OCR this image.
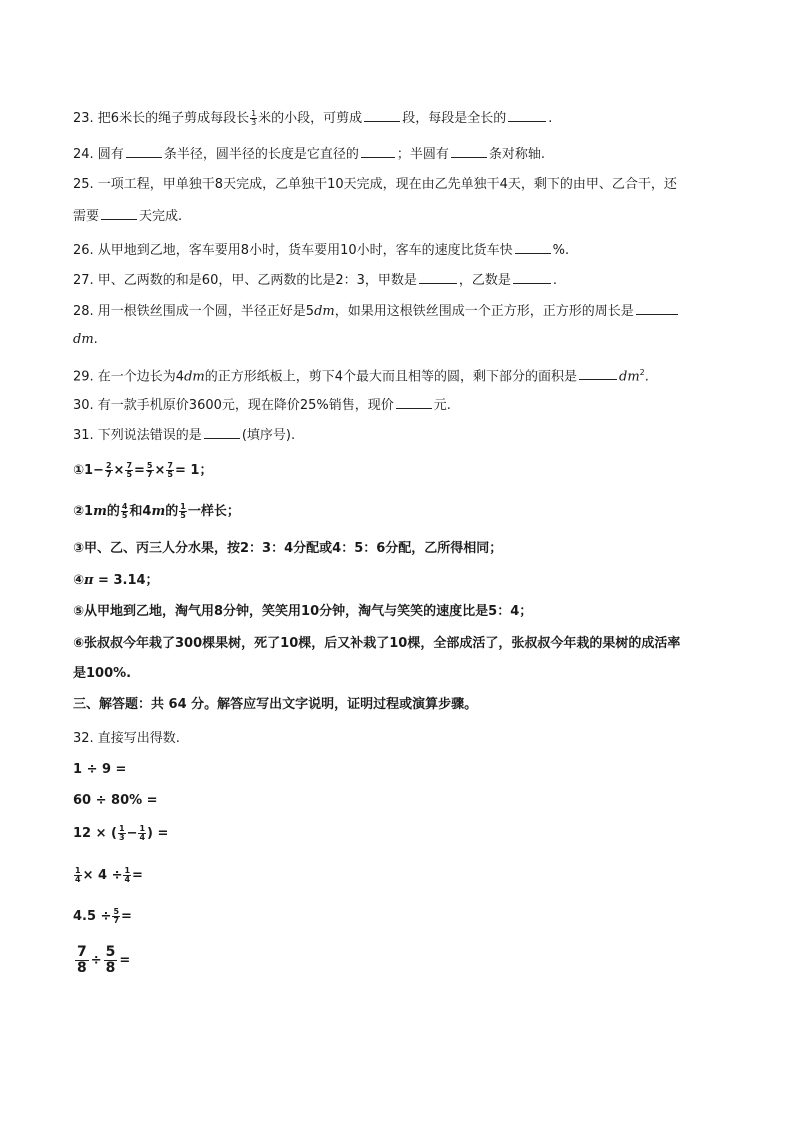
23. 把6米长的绳子剪成每段长 $\frac{1}{3}$ 米的小段，可剪成	段，每段是全长的	.
24. 圆有	条半径，圆半径的长度是它直径的	；半圆有	条对称轴.
25. 一项工程，甲单独干8天完成，乙单独干10天完成，现在由乙先单独干4天，剩下的由甲、乙合干，还
需要	天完成.
26. 从甲地到乙地，客车要用8小时，货车要用10小时，客车的速度比货车快	%.
27. 甲、乙两数的和是60，甲、乙两数的比是2：3，甲数是	，乙数是	.
28. 用一根铁丝围成一个圆，半径正好是5dm，如果用这根铁丝围成一个正方形，正方形的周长是
dm.
29. 在一个边长为4dm的正方形纸板上，剪下4个最大而且相等的圆，剩下部分的面积是	$dm^2$.
30. 有一款手机原价3600元，现在降价25%销售，现价	元.
31. 下列说法错误的是	(填序号).
①1− $\frac{2}{7} \times \frac{7}{5} = \frac{5}{7} \times \frac{7}{5} = 1$；
②1m的 $\frac{4}{5}$ 和4m的 $\frac{1}{5}$ 一样长；
③甲、乙、丙三人分水果，按2：3：4分配或4：5：6分配，乙所得相同；
④π = 3.14；
⑤从甲地到乙地，淘气用8分钟，笑笑用10分钟，淘气与笑笑的速度比是5：4；
⑥张叔叔今年栽了300棵果树，死了10棵，后又补栽了10棵，全部成活了，张叔叔今年栽的果树的成活率
是100%.
三、解答题：共 64 分。解答应写出文字说明，证明过程或演算步骤。
32. 直接写出得数.
1 ÷ 9 =
60 ÷ 80% =
12 × ( $\frac{1}{3} - \frac{1}{4}$ ) =
$\frac{1}{4} \times 4 \div \frac{1}{4}$ =
$4.5 \div \frac{5}{7}$ =
$\frac{7}{8} \div \frac{5}{8}$ =
